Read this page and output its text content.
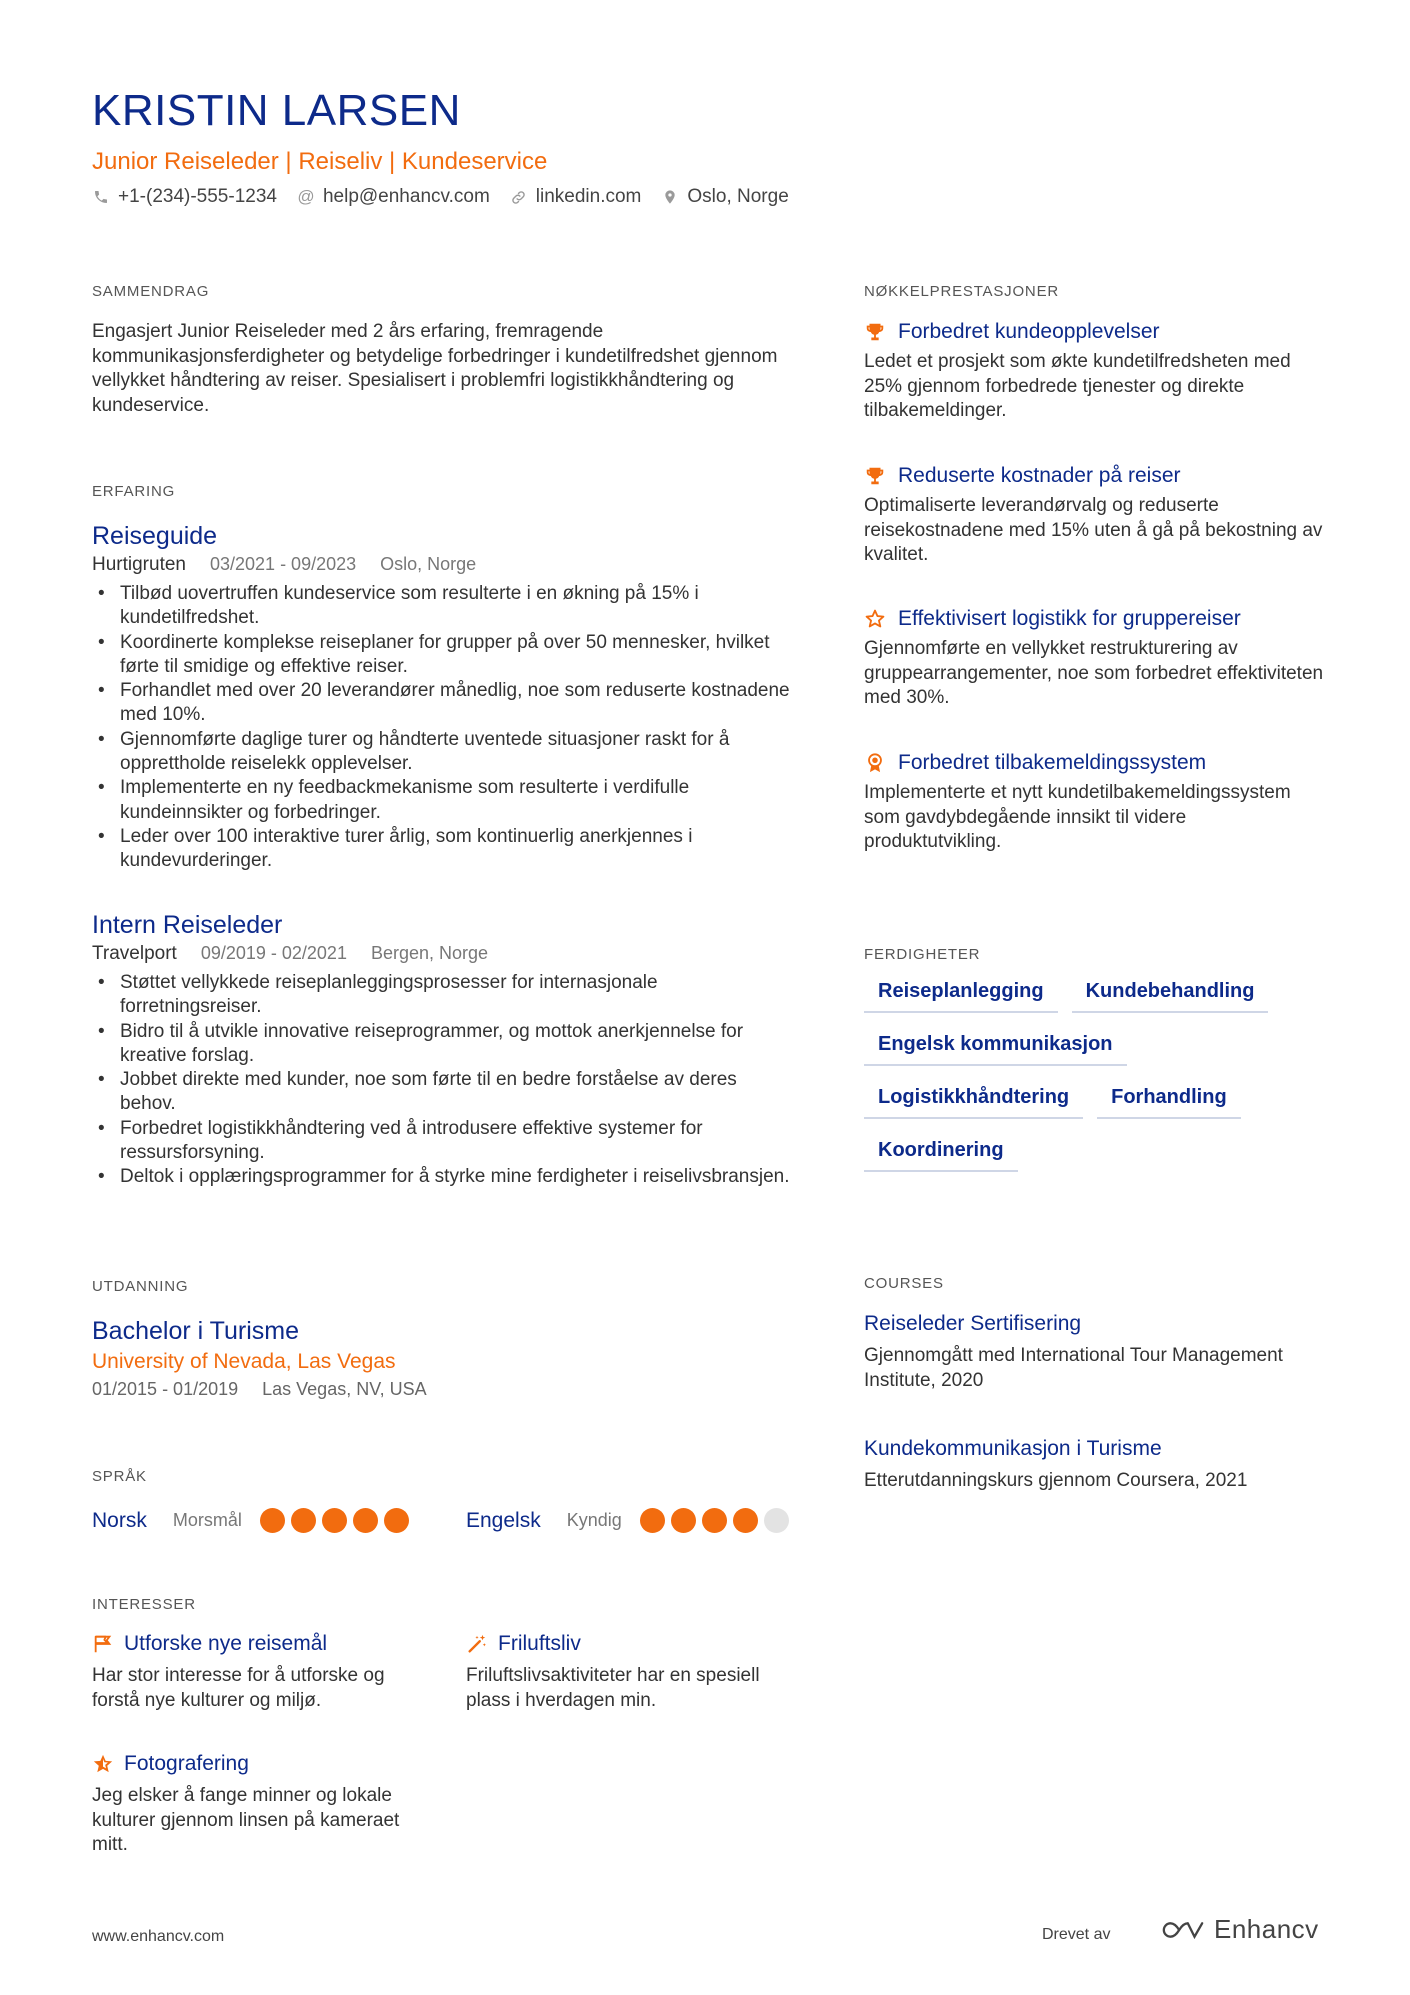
KRISTIN LARSEN
Junior Reiseleder | Reiseliv | Kundeservice
+1-(234)-555-1234 @ help@enhancv.com linkedin.com Oslo, Norge
SAMMENDRAG
Engasjert Junior Reiseleder med 2 års erfaring, fremragende kommunikasjonsferdigheter og betydelige forbedringer i kundetilfredshet gjennom vellykket håndtering av reiser. Spesialisert i problemfri logistikkhåndtering og kundeservice.
ERFARING
Reiseguide
Hurtigruten 03/2021 - 09/2023 Oslo, Norge
• Tilbød uovertruffen kundeservice som resulterte i en økning på 15% i kundetilfredshet.
• Koordinerte komplekse reiseplaner for grupper på over 50 mennesker, hvilket førte til smidige og effektive reiser.
• Forhandlet med over 20 leverandører månedlig, noe som reduserte kostnadene med 10%.
• Gjennomførte daglige turer og håndterte uventede situasjoner raskt for å opprettholde reiselekk opplevelser.
• Implementerte en ny feedbackmekanisme som resulterte i verdifulle kundeinnsikter og forbedringer.
• Leder over 100 interaktive turer årlig, som kontinuerlig anerkjennes i kundevurderinger.
Intern Reiseleder
Travelport 09/2019 - 02/2021 Bergen, Norge
• Støttet vellykkede reiseplanleggingsprosesser for internasjonale forretningsreiser.
• Bidro til å utvikle innovative reiseprogrammer, og mottok anerkjennelse for kreative forslag.
• Jobbet direkte med kunder, noe som førte til en bedre forståelse av deres behov.
• Forbedret logistikkhåndtering ved å introdusere effektive systemer for ressursforsyning.
• Deltok i opplæringsprogrammer for å styrke mine ferdigheter i reiselivsbransjen.
UTDANNING
Bachelor i Turisme
University of Nevada, Las Vegas
01/2015 - 01/2019 Las Vegas, NV, USA
SPRÅK
Norsk Morsmål	Engelsk Kyndig
INTERESSER
Utforske nye reisemål
Har stor interesse for å utforske og forstå nye kulturer og miljø.
Friluftsliv
Friluftslivsaktiviteter har en spesiell plass i hverdagen min.
Fotografering
Jeg elsker å fange minner og lokale kulturer gjennom linsen på kameraet mitt.
NØKKELPRESTASJONER
Forbedret kundeopplevelser
Ledet et prosjekt som økte kundetilfredsheten med 25% gjennom forbedrede tjenester og direkte tilbakemeldinger.
Reduserte kostnader på reiser
Optimaliserte leverandørvalg og reduserte reisekostnadene med 15% uten å gå på bekostning av kvalitet.
Effektivisert logistikk for gruppereiser
Gjennomførte en vellykket restrukturering av gruppearrangementer, noe som forbedret effektiviteten med 30%.
Forbedret tilbakemeldingssystem
Implementerte et nytt kundetilbakemeldingssystem som gavdybdegående innsikt til videre produktutvikling.
FERDIGHETER
Reiseplanlegging	Kundebehandling
Engelsk kommunikasjon
Logistikkhåndtering	Forhandling
Koordinering
COURSES
Reiseleder Sertifisering
Gjennomgått med International Tour Management Institute, 2020
Kundekommunikasjon i Turisme
Etterutdanningskurs gjennom Coursera, 2021
www.enhancv.com	Drevet av	Enhancv
